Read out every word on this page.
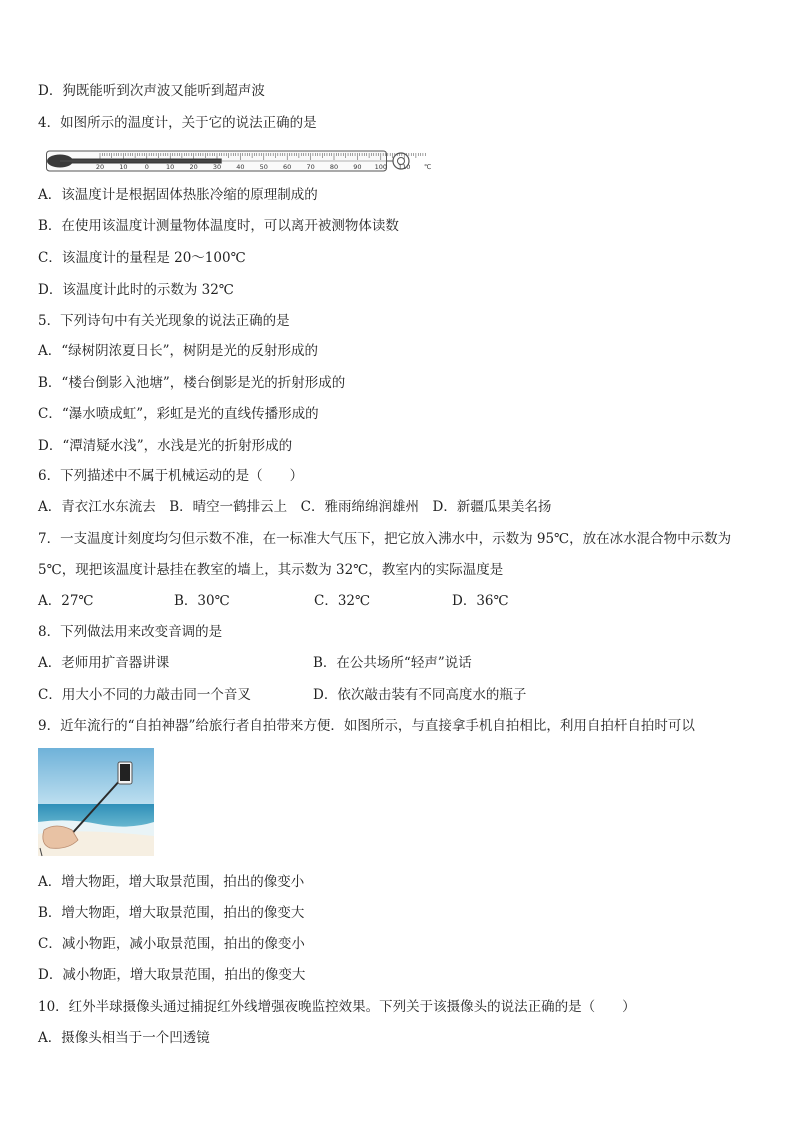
D．狗既能听到次声波又能听到超声波
4．如图所示的温度计，关于它的说法正确的是
20 10	0	10 20 30 40 50 60 70 80 90 100 110 ℃
A．该温度计是根据固体热胀冷缩的原理制成的
B．在使用该温度计测量物体温度时，可以离开被测物体读数
C．该温度计的量程是 20～100℃
D．该温度计此时的示数为 32℃
5．下列诗句中有关光现象的说法正确的是
A．“绿树阴浓夏日长”，树阴是光的反射形成的
B．“楼台倒影入池塘”，楼台倒影是光的折射形成的
C．“瀑水喷成虹”，彩虹是光的直线传播形成的
D．“潭清疑水浅”，水浅是光的折射形成的
6．下列描述中不属于机械运动的是（　　）
A．青衣江水东流去　B．晴空一鹤排云上　C．雅雨绵绵润雄州　D．新疆瓜果美名扬
7．一支温度计刻度均匀但示数不准，在一标准大气压下，把它放入沸水中，示数为 95℃，放在冰水混合物中示数为
5℃，现把该温度计悬挂在教室的墙上，其示数为 32℃，教室内的实际温度是
A．27℃	B．30℃	C．32℃	D．36℃
8．下列做法用来改变音调的是
A．老师用扩音器讲课	B．在公共场所“轻声”说话
C．用大小不同的力敲击同一个音叉	D．依次敲击装有不同高度水的瓶子
9．近年流行的“自拍神器”给旅行者自拍带来方便．如图所示，与直接拿手机自拍相比，利用自拍杆自拍时可以
A．增大物距，增大取景范围，拍出的像变小
B．增大物距，增大取景范围，拍出的像变大
C．减小物距，减小取景范围，拍出的像变小
D．减小物距，增大取景范围，拍出的像变大
10．红外半球摄像头通过捕捉红外线增强夜晚监控效果。下列关于该摄像头的说法正确的是（　　）
A．摄像头相当于一个凹透镜
